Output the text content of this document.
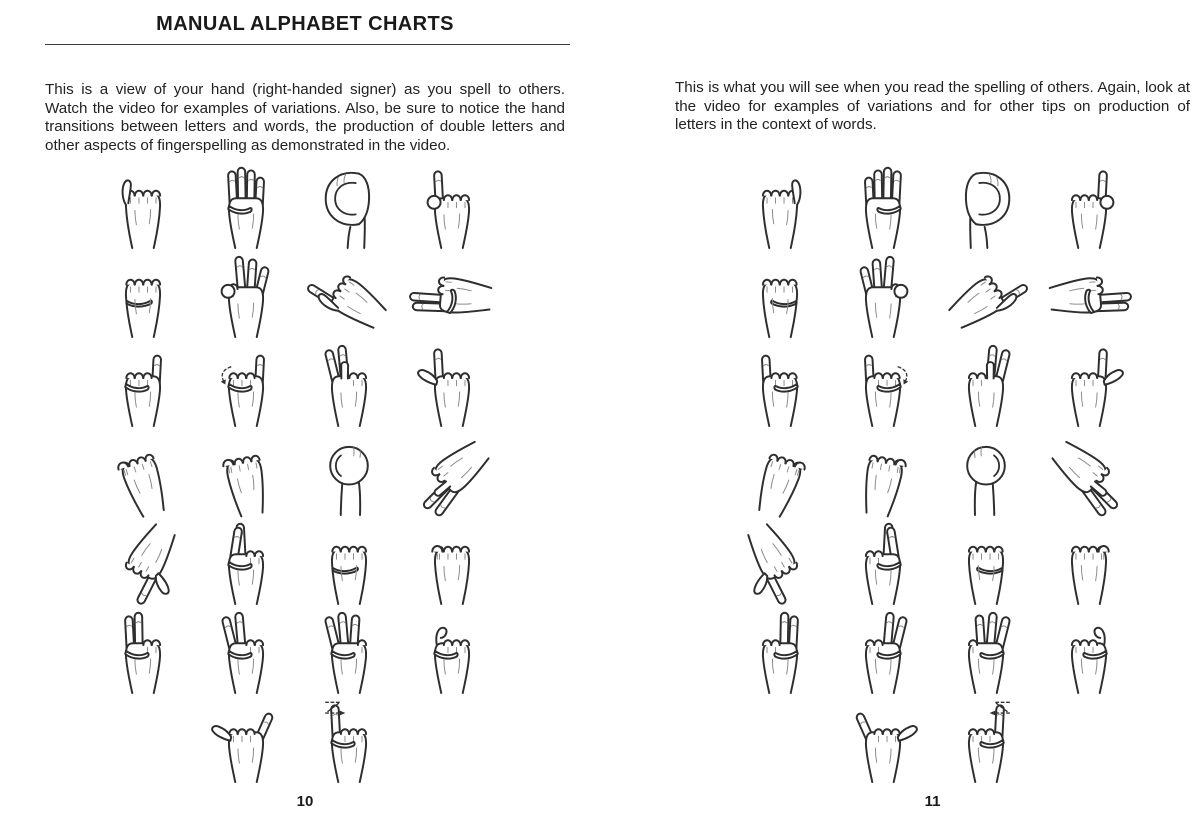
MANUAL ALPHABET CHARTS

This is a view of your hand (right-handed signer) as you spell to others. Watch the video for examples of variations. Also, be sure to notice the hand transitions between letters and words, the production of double letters and other aspects of fingerspelling as demonstrated in the video.

10

This is what you will see when you read the spelling of others. Again, look at the video for examples of variations and for other tips on production of letters in the context of words.

11
